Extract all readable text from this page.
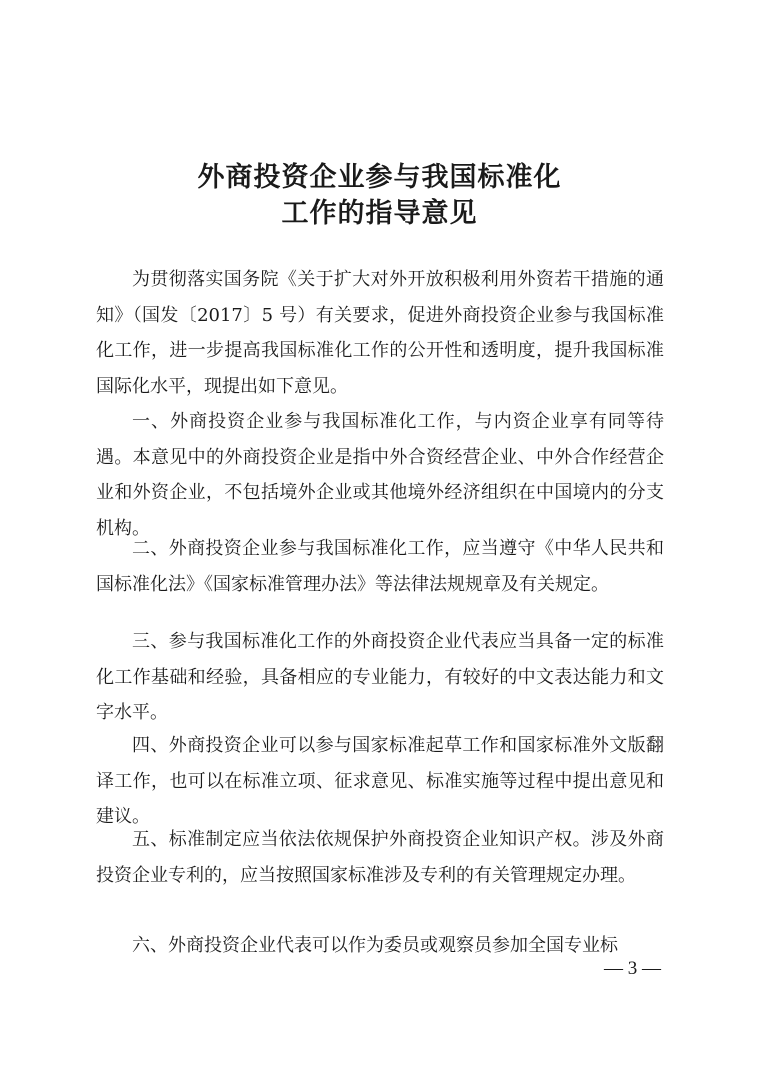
外商投资企业参与我国标准化
工作的指导意见

为贯彻落实国务院《关于扩大对外开放积极利用外资若干措施的通知》（国发〔2017〕5 号）有关要求，促进外商投资企业参与我国标准化工作，进一步提高我国标准化工作的公开性和透明度，提升我国标准国际化水平，现提出如下意见。

一、外商投资企业参与我国标准化工作，与内资企业享有同等待遇。本意见中的外商投资企业是指中外合资经营企业、中外合作经营企业和外资企业，不包括境外企业或其他境外经济组织在中国境内的分支机构。

二、外商投资企业参与我国标准化工作，应当遵守《中华人民共和国标准化法》《国家标准管理办法》等法律法规规章及有关规定。

三、参与我国标准化工作的外商投资企业代表应当具备一定的标准化工作基础和经验，具备相应的专业能力，有较好的中文表达能力和文字水平。

四、外商投资企业可以参与国家标准起草工作和国家标准外文版翻译工作，也可以在标准立项、征求意见、标准实施等过程中提出意见和建议。

五、标准制定应当依法依规保护外商投资企业知识产权。涉及外商投资企业专利的，应当按照国家标准涉及专利的有关管理规定办理。

六、外商投资企业代表可以作为委员或观察员参加全国专业标

— 3 —
